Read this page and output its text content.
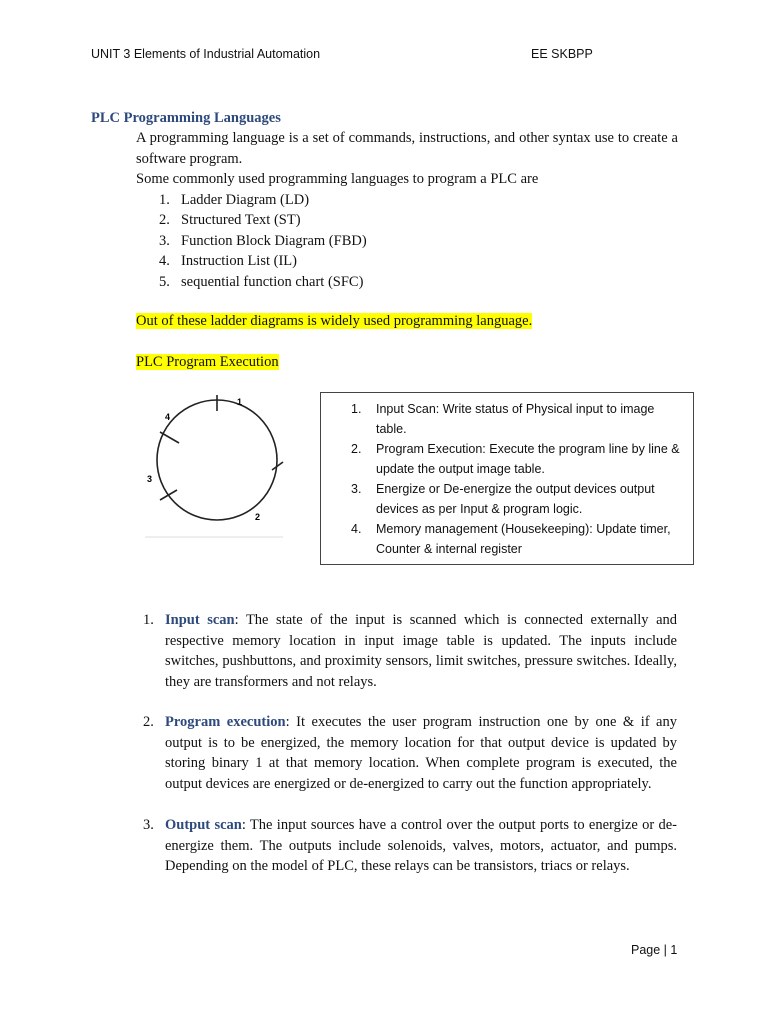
UNIT 3 Elements of Industrial Automation	EE SKBPP
PLC Programming Languages

A programming language is a set of commands, instructions, and other syntax use to create a software program.

Some commonly used programming languages to program a PLC are

1. Ladder Diagram (LD)
2. Structured Text (ST)
3. Function Block Diagram (FBD)
4. Instruction List (IL)
5. sequential function chart (SFC)
Out of these ladder diagrams is widely used programming language.
PLC Program Execution
1
2
3
4
1. Input Scan: Write status of Physical input to image table.
2. Program Execution: Execute the program line by line & update the output image table.
3. Energize or De-energize the output devices output devices as per Input & program logic.
4. Memory management (Housekeeping): Update timer, Counter & internal register
1. Input scan: The state of the input is scanned which is connected externally and respective memory location in input image table is updated. The inputs include switches, pushbuttons, and proximity sensors, limit switches, pressure switches. Ideally, they are transformers and not relays.
2. Program execution: It executes the user program instruction one by one & if any output is to be energized, the memory location for that output device is updated by storing binary 1 at that memory location. When complete program is executed, the output devices are energized or de-energized to carry out the function appropriately.
3. Output scan: The input sources have a control over the output ports to energize or de-energize them. The outputs include solenoids, valves, motors, actuator, and pumps. Depending on the model of PLC, these relays can be transistors, triacs or relays.
Page | 1
